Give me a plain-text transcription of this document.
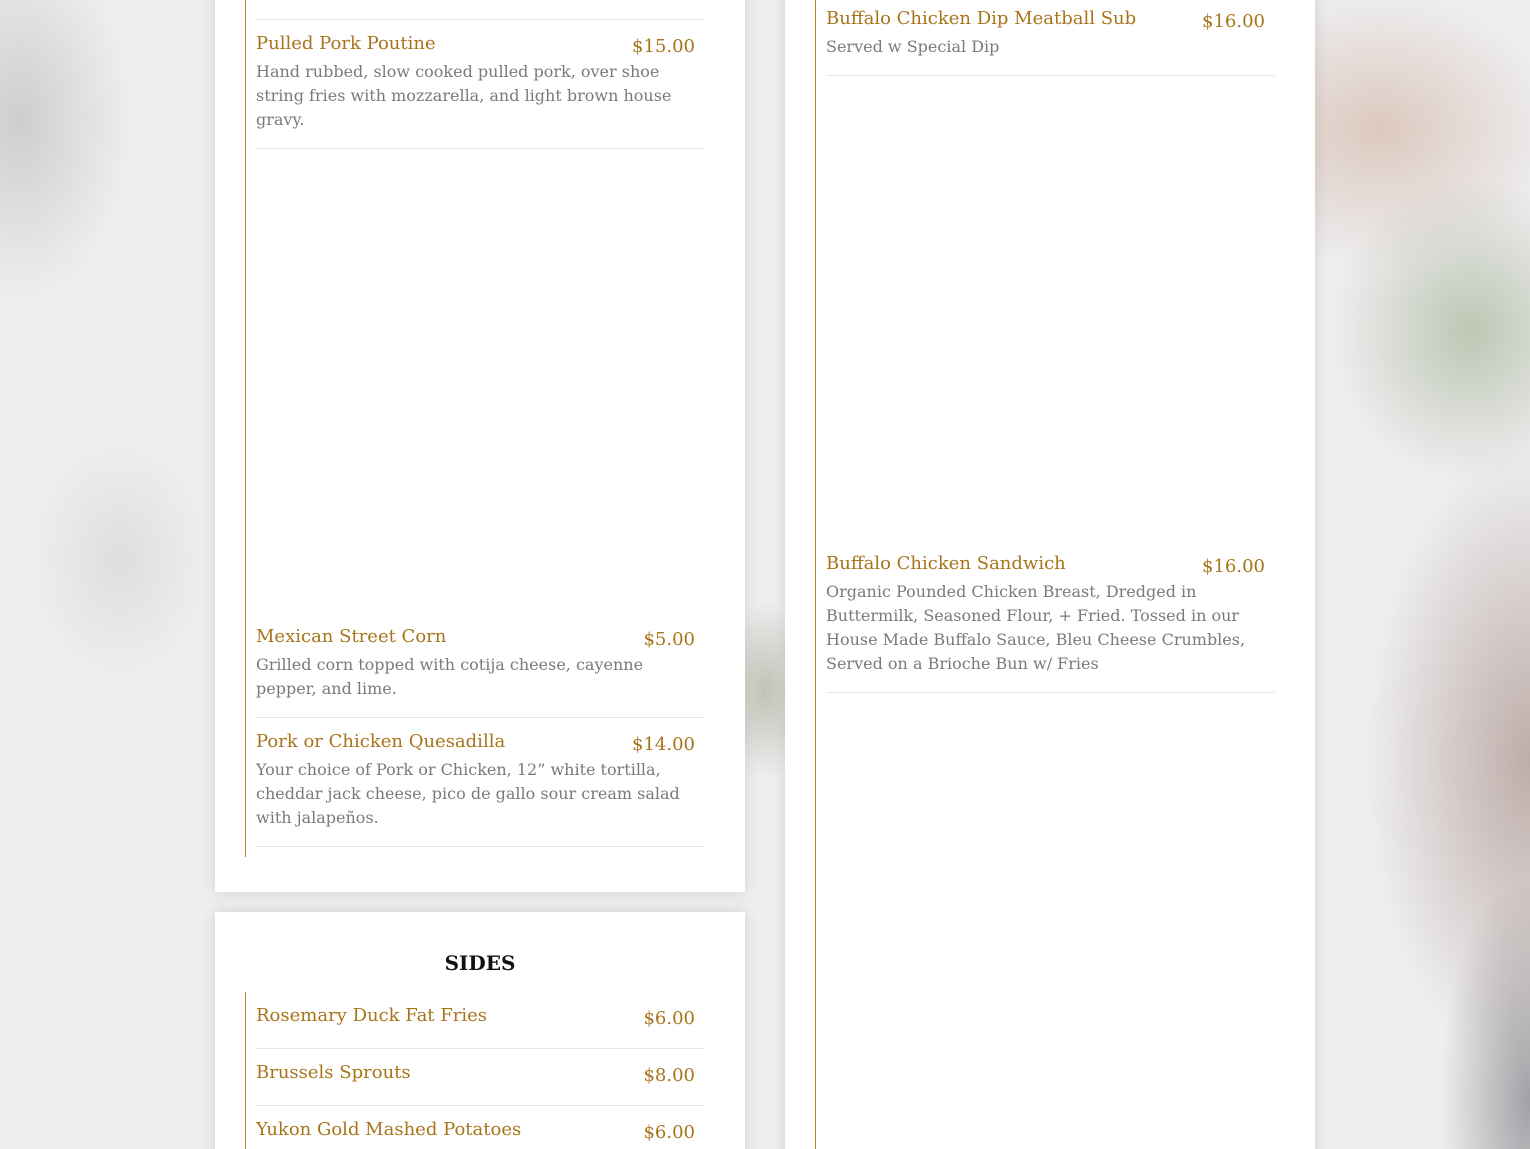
Pulled Pork Poutine	$15.00
Hand rubbed, slow cooked pulled pork, over shoe string fries with mozzarella, and light brown house gravy.
Mexican Street Corn	$5.00
Grilled corn topped with cotija cheese, cayenne pepper, and lime.
Pork or Chicken Quesadilla	$14.00
Your choice of Pork or Chicken, 12” white tortilla, cheddar jack cheese, pico de gallo sour cream salad with jalapeños.
SIDES
Rosemary Duck Fat Fries	$6.00
Brussels Sprouts	$8.00
Yukon Gold Mashed Potatoes	$6.00
Buffalo Chicken Dip Meatball Sub	$16.00
Served w Special Dip
Buffalo Chicken Sandwich	$16.00
Organic Pounded Chicken Breast, Dredged in Buttermilk, Seasoned Flour, + Fried. Tossed in our House Made Buffalo Sauce, Bleu Cheese Crumbles, Served on a Brioche Bun w/ Fries
